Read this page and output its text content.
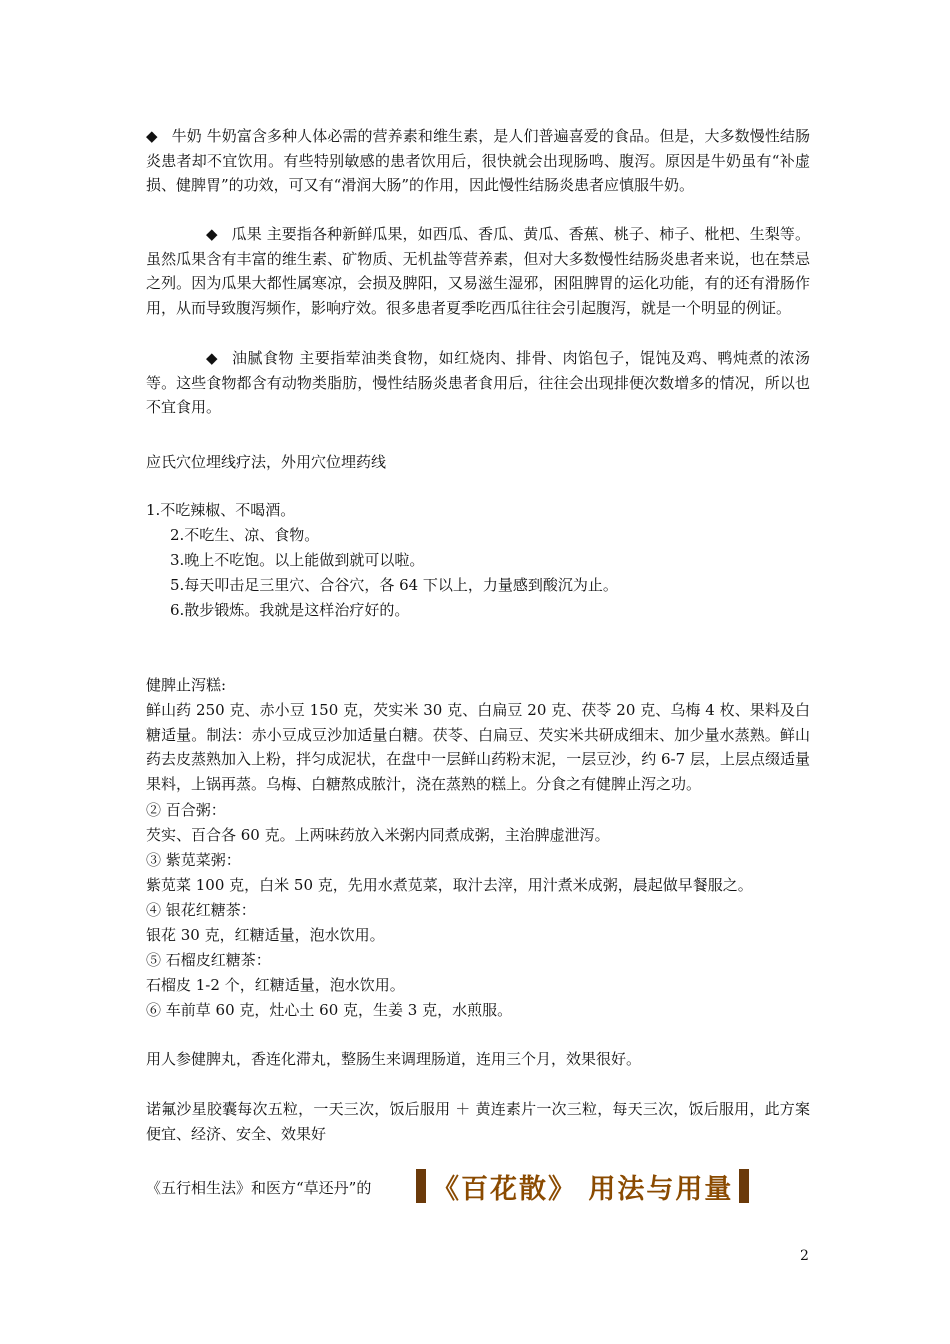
◆ 牛奶 牛奶富含多种人体必需的营养素和维生素，是人们普遍喜爱的食品。但是，大多数慢性结肠炎患者却不宜饮用。有些特别敏感的患者饮用后，很快就会出现肠鸣、腹泻。原因是牛奶虽有“补虚损、健脾胃”的功效，可又有“滑润大肠”的作用，因此慢性结肠炎患者应慎服牛奶。
◆ 瓜果 主要指各种新鲜瓜果，如西瓜、香瓜、黄瓜、香蕉、桃子、柿子、枇杷、生梨等。虽然瓜果含有丰富的维生素、矿物质、无机盐等营养素，但对大多数慢性结肠炎患者来说，也在禁忌之列。因为瓜果大都性属寒凉，会损及脾阳，又易滋生湿邪，困阻脾胃的运化功能，有的还有滑肠作用，从而导致腹泻频作，影响疗效。很多患者夏季吃西瓜往往会引起腹泻，就是一个明显的例证。
◆ 油腻食物 主要指荤油类食物，如红烧肉、排骨、肉馅包子，馄饨及鸡、鸭炖煮的浓汤等。这些食物都含有动物类脂肪，慢性结肠炎患者食用后，往往会出现排便次数增多的情况，所以也不宜食用。
应氏穴位埋线疗法，外用穴位埋药线
1.不吃辣椒、不喝酒。
2.不吃生、凉、食物。
3.晚上不吃饱。以上能做到就可以啦。
5.每天叩击足三里穴、合谷穴，各 64 下以上，力量感到酸沉为止。
6.散步锻炼。我就是这样治疗好的。
健脾止泻糕:
鲜山药 250 克、赤小豆 150 克，芡实米 30 克、白扁豆 20 克、茯苓 20 克、乌梅 4 枚、果料及白糖适量。制法：赤小豆成豆沙加适量白糖。茯苓、白扁豆、芡实米共研成细末、加少量水蒸熟。鲜山药去皮蒸熟加入上粉，拌匀成泥状，在盘中一层鲜山药粉末泥，一层豆沙，约 6-7 层，上层点缀适量果料，上锅再蒸。乌梅、白糖熬成脓汁，浇在蒸熟的糕上。分食之有健脾止泻之功。
② 百合粥：
芡实、百合各 60 克。上两味药放入米粥内同煮成粥，主治脾虚泄泻。
③ 紫苋菜粥：
紫苋菜 100 克，白米 50 克，先用水煮苋菜，取汁去滓，用汁煮米成粥，晨起做早餐服之。
④ 银花红糖茶：
银花 30 克，红糖适量，泡水饮用。
⑤ 石榴皮红糖茶：
石榴皮 1-2 个，红糖适量，泡水饮用。
⑥ 车前草 60 克，灶心土 60 克，生姜 3 克，水煎服。
用人参健脾丸，香连化滞丸，整肠生来调理肠道，连用三个月，效果很好。
诺氟沙星胶囊每次五粒，一天三次，饭后服用 ＋ 黄连素片一次三粒，每天三次，饭后服用，此方案便宜、经济、安全、效果好
《五行相生法》和医方“草还丹”的 《百花散》 用法与用量
2
